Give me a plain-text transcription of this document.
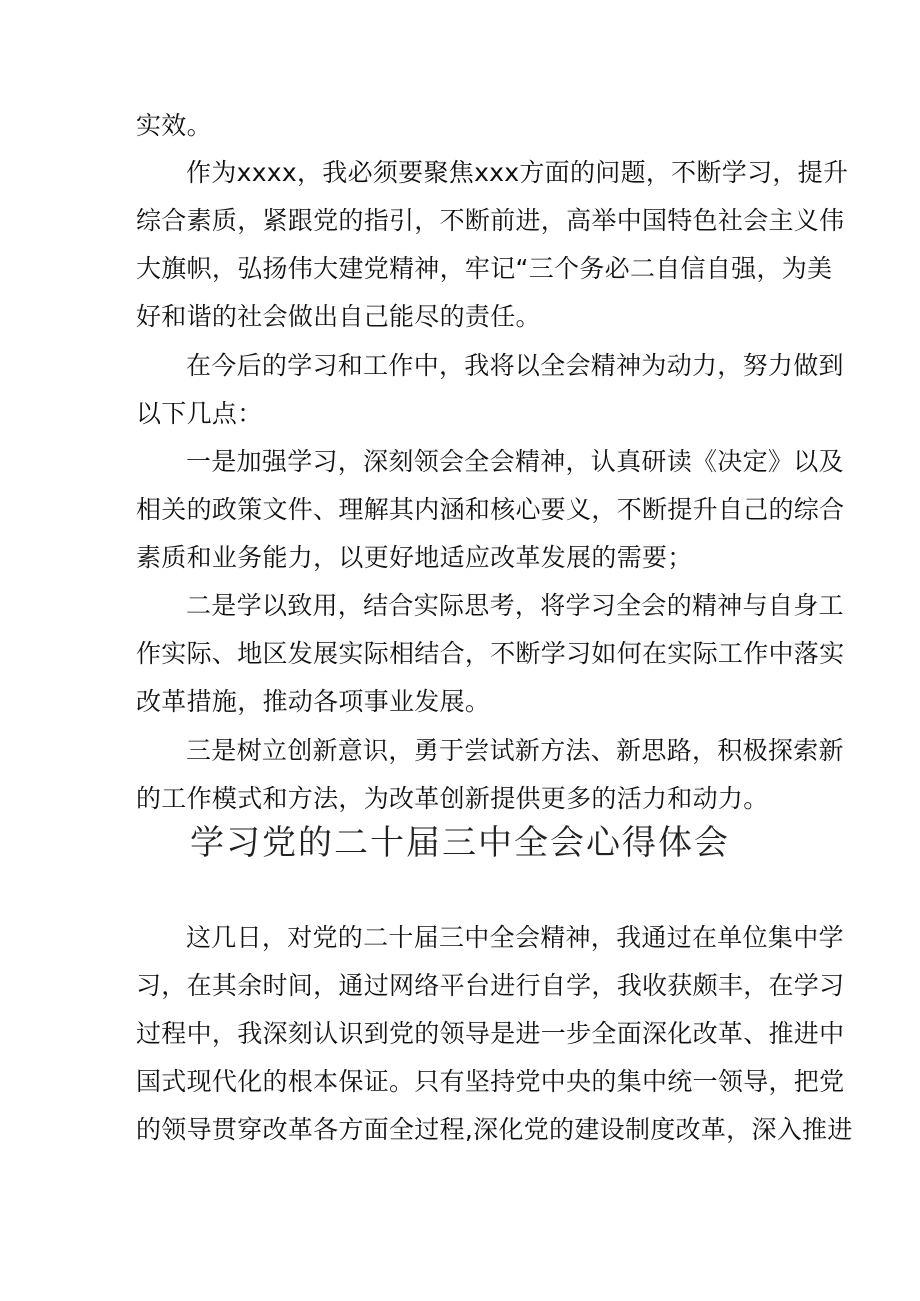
实效。
作为xxxx，我必须要聚焦xxx方面的问题，不断学习，提升
综合素质，紧跟党的指引，不断前进，高举中国特色社会主义伟
大旗帜，弘扬伟大建党精神，牢记“三个务必二自信自强，为美
好和谐的社会做出自己能尽的责任。
在今后的学习和工作中，我将以全会精神为动力，努力做到
以下几点：
一是加强学习，深刻领会全会精神，认真研读《决定》以及
相关的政策文件、理解其内涵和核心要义，不断提升自己的综合
素质和业务能力，以更好地适应改革发展的需要；
二是学以致用，结合实际思考，将学习全会的精神与自身工
作实际、地区发展实际相结合，不断学习如何在实际工作中落实
改革措施，推动各项事业发展。
三是树立创新意识，勇于尝试新方法、新思路，积极探索新
的工作模式和方法，为改革创新提供更多的活力和动力。
学习党的二十届三中全会心得体会
这几日，对党的二十届三中全会精神，我通过在单位集中学
习，在其余时间，通过网络平台进行自学，我收获颇丰，在学习
过程中，我深刻认识到党的领导是进一步全面深化改革、推进中
国式现代化的根本保证。只有坚持党中央的集中统一领导，把党
的领导贯穿改革各方面全过程,深化党的建设制度改革，深入推进
